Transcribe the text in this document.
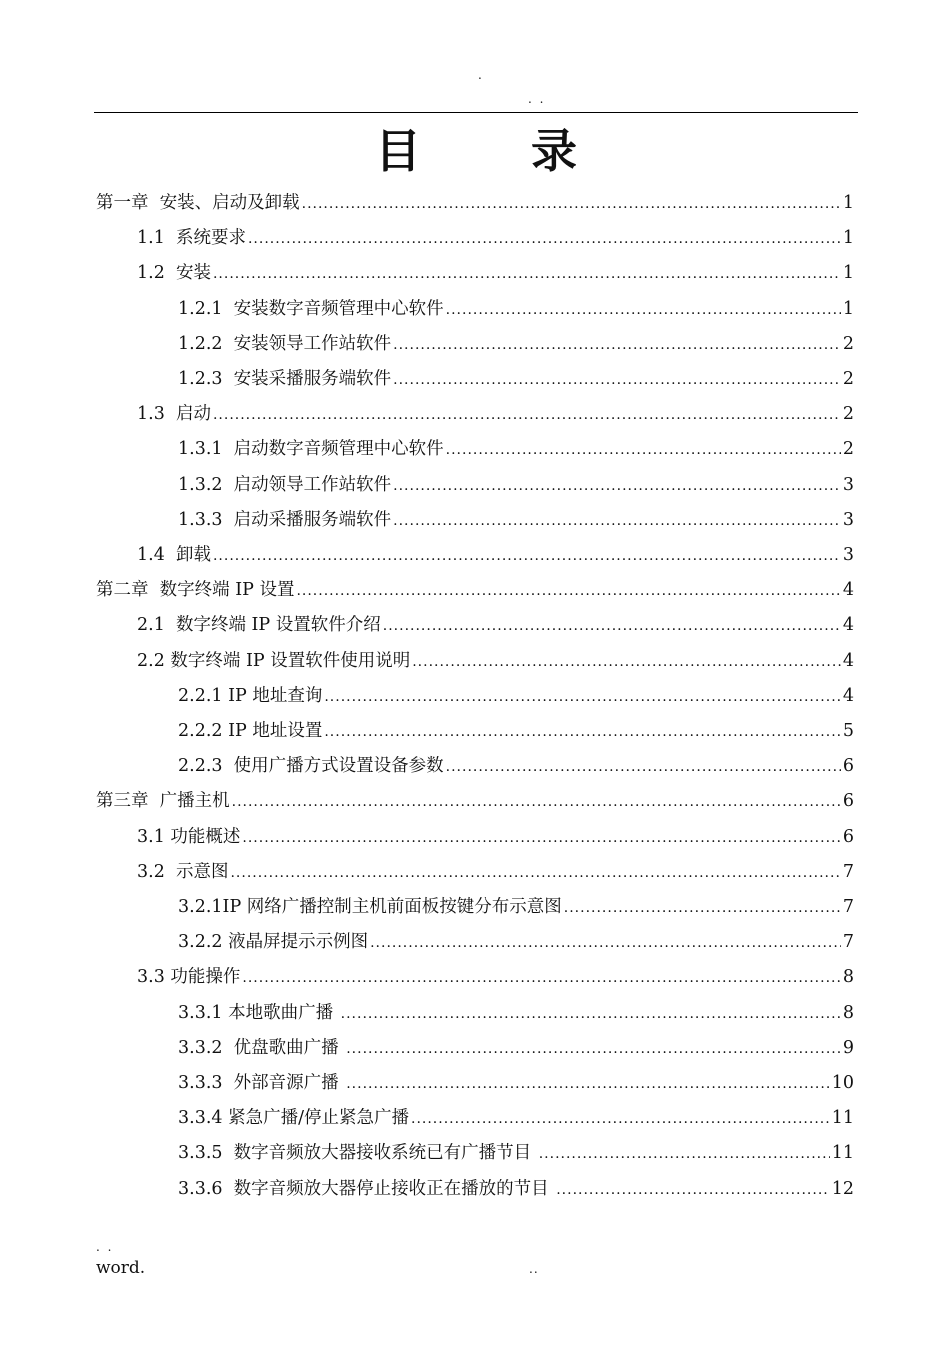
.
. .
目 录
第一章  安装、启动及卸载 .....	1
1.1  系统要求 .....	1
1.2  安装 .....	1
1.2.1  安装数字音频管理中心软件 .....	1
1.2.2  安装领导工作站软件 .....	2
1.2.3  安装采播服务端软件 .....	2
1.3  启动 .....	2
1.3.1  启动数字音频管理中心软件 .....	2
1.3.2  启动领导工作站软件 .....	3
1.3.3  启动采播服务端软件 .....	3
1.4  卸载 .....	3
第二章  数字终端 IP 设置 .....	4
2.1  数字终端 IP 设置软件介绍 .....	4
2.2 数字终端 IP 设置软件使用说明 .....	4
2.2.1 IP 地址查询 .....	4
2.2.2 IP 地址设置 .....	5
2.2.3  使用广播方式设置设备参数 .....	6
第三章  广播主机 .....	6
3.1 功能概述 .....	6
3.2  示意图 .....	7
3.2.1IP 网络广播控制主机前面板按键分布示意图 .....	7
3.2.2 液晶屏提示示例图 .....	7
3.3 功能操作 .....	8
3.3.1 本地歌曲广播 .....	8
3.3.2  优盘歌曲广播 .....	9
3.3.3  外部音源广播 .....	10
3.3.4 紧急广播/停止紧急广播 .....	11
3.3.5  数字音频放大器接收系统已有广播节目 .....	11
3.3.6  数字音频放大器停止接收正在播放的节目 .....	12
. .
word.	..
